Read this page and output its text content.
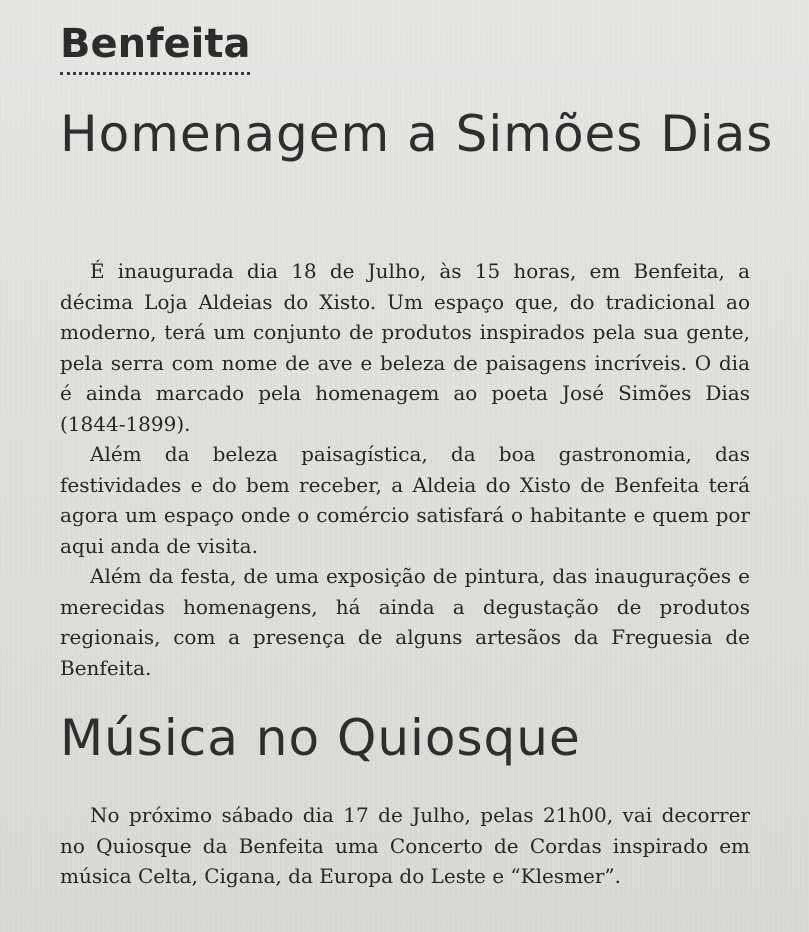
Benfeita
Homenagem a Simões Dias

É inaugurada dia 18 de Julho, às 15 horas, em Benfeita, a décima Loja Aldeias do Xisto. Um espaço que, do tradicional ao moderno, terá um conjunto de produtos inspirados pela sua gente, pela serra com nome de ave e beleza de paisagens incríveis. O dia é ainda marcado pela homenagem ao poeta José Simões Dias (1844-1899).

Além da beleza paisagística, da boa gastronomia, das festividades e do bem receber, a Aldeia do Xisto de Benfeita terá agora um espaço onde o comércio satisfará o habitante e quem por aqui anda de visita.

Além da festa, de uma exposição de pintura, das inaugurações e merecidas homenagens, há ainda a degustação de produtos regionais, com a presença de alguns artesãos da Freguesia de Benfeita.

Música no Quiosque

No próximo sábado dia 17 de Julho, pelas 21h00, vai decorrer no Quiosque da Benfeita uma Concerto de Cordas inspirado em música Celta, Cigana, da Europa do Leste e “Klesmer”.
